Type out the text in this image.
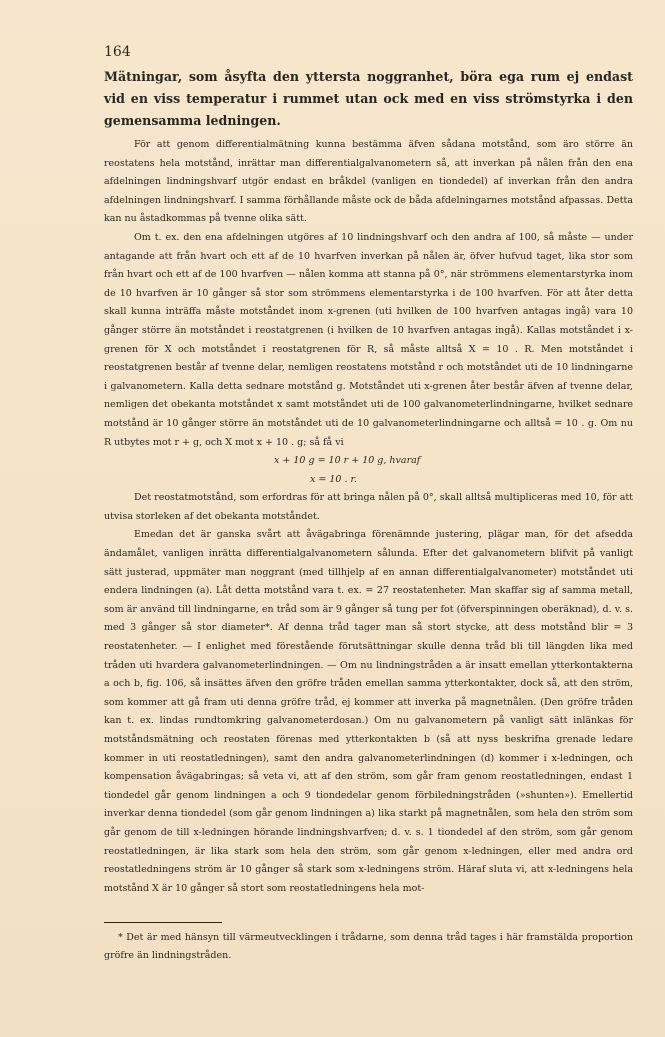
164

Mätningar, som åsyfta den yttersta noggranhet, böra ega rum ej endast vid en viss temperatur i rummet utan ock med en viss strömstyrka i den gemensamma ledningen.

För att genom differentialmätning kunna bestämma äfven sådana motstånd, som äro större än reostatens hela motstånd, inrättar man differentialgalvanometern så, att inverkan på nålen från den ena afdelningen lindningshvarf utgör endast en bråkdel (vanligen en tiondedel) af inverkan från den andra afdelningen lindningshvarf. I samma förhållande måste ock de båda afdelningarnes motstånd afpassas. Detta kan nu åstadkommas på tvenne olika sätt.

Om t. ex. den ena afdelningen utgöres af 10 lindningshvarf och den andra af 100, så måste — under antagande att från hvart och ett af de 10 hvarfven inverkan på nålen är, öfver hufvud taget, lika stor som från hvart och ett af de 100 hvarfven — nålen komma att stanna på 0°, när strömmens elementarstyrka inom de 10 hvarfven är 10 gånger så stor som strömmens elementarstyrka i de 100 hvarfven. För att åter detta skall kunna inträffa måste motståndet inom x-grenen (uti hvilken de 100 hvarfven antagas ingå) vara 10 gånger större än motståndet i reostatgrenen (i hvilken de 10 hvarfven antagas ingå). Kallas motståndet i x-grenen för X och motståndet i reostatgrenen för R, så måste alltså X = 10 . R. Men motståndet i reostatgrenen består af tvenne delar, nemligen reostatens motstånd r och motståndet uti de 10 lindningarne i galvanometern. Kalla detta sednare motstånd g. Motståndet uti x-grenen åter består äfven af tvenne delar, nemligen det obekanta motståndet x samt motståndet uti de 100 galvanometerlindningarne, hvilket sednare motstånd är 10 gånger större än motståndet uti de 10 galvanometerlindningarne och alltså = 10 . g. Om nu R utbytes mot r + g, och X mot x + 10 . g; så få vi

x + 10 g = 10 r + 10 g, hvaraf

x = 10 . r.

Det reostatmotstånd, som erfordras för att bringa nålen på 0°, skall alltså multipliceras med 10, för att utvisa storleken af det obekanta motståndet.

Emedan det är ganska svårt att åvägabringa förenämnde justering, plägar man, för det afsedda ändamålet, vanligen inrätta differentialgalvanometern sålunda. Efter det galvanometern blifvit på vanligt sätt justerad, uppmäter man noggrant (med tillhjelp af en annan differentialgalvanometer) motståndet uti endera lindningen (a). Låt detta motstånd vara t. ex. = 27 reostatenheter. Man skaffar sig af samma metall, som är använd till lindningarne, en tråd som är 9 gånger så tung per fot (öfverspinningen oberäknad), d. v. s. med 3 gånger så stor diameter*. Af denna tråd tager man så stort stycke, att dess motstånd blir = 3 reostatenheter. — I enlighet med förestående förutsättningar skulle denna tråd bli till längden lika med tråden uti hvardera galvanometerlindningen. — Om nu lindningstråden a är insatt emellan ytterkontakterna a och b, fig. 106, så insättes äfven den gröfre tråden emellan samma ytterkontakter, dock så, att den ström, som kommer att gå fram uti denna gröfre tråd, ej kommer att inverka på magnetnålen. (Den gröfre tråden kan t. ex. lindas rundtomkring galvanometerdosan.) Om nu galvanometern på vanligt sätt inlänkas för motståndsmätning och reostaten förenas med ytterkontakten b (så att nyss beskrifna grenade ledare kommer in uti reostatledningen), samt den andra galvanometerlindningen (d) kommer i x-ledningen, och kompensation åvägabringas; så veta vi, att af den ström, som går fram genom reostatledningen, endast 1 tiondedel går genom lindningen a och 9 tiondedelar genom förbiledningstråden (»shunten»). Emellertid inverkar denna tiondedel (som går genom lindningen a) lika starkt på magnetnålen, som hela den ström som går genom de till x-ledningen hörande lindningshvarfven; d. v. s. 1 tiondedel af den ström, som går genom reostatledningen, är lika stark som hela den ström, som går genom x-ledningen, eller med andra ord reostatledningens ström är 10 gånger så stark som x-ledningens ström. Häraf sluta vi, att x-ledningens hela motstånd X är 10 gånger så stort som reostatledningens hela mot-

* Det är med hänsyn till värmeutvecklingen i trådarne, som denna tråd tages i här framstälda proportion gröfre än lindningstråden.
